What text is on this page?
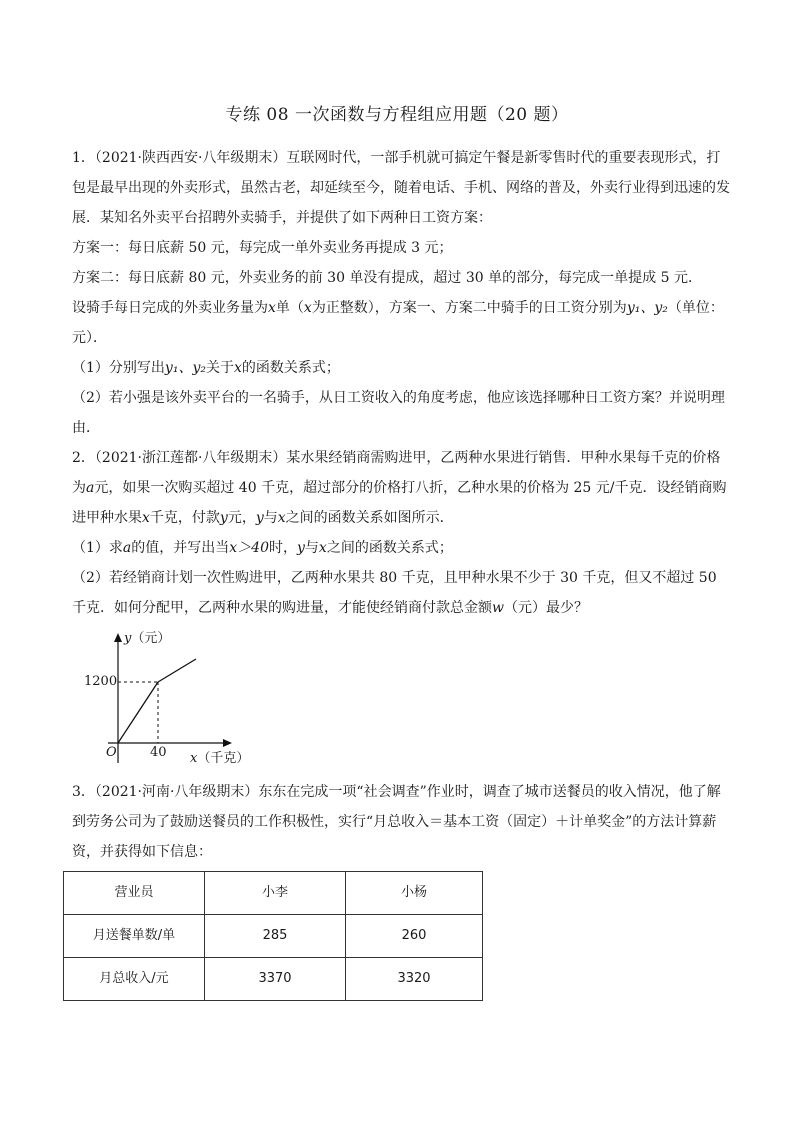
专练 08 一次函数与方程组应用题（20 题）

1．（2021·陕西西安·八年级期末）互联网时代，一部手机就可搞定午餐是新零售时代的重要表现形式，打包是最早出现的外卖形式，虽然古老，却延续至今，随着电话、手机、网络的普及，外卖行业得到迅速的发展．某知名外卖平台招聘外卖骑手，并提供了如下两种日工资方案：

方案一：每日底薪 50 元，每完成一单外卖业务再提成 3 元；

方案二：每日底薪 80 元，外卖业务的前 30 单没有提成，超过 30 单的部分，每完成一单提成 5 元．

设骑手每日完成的外卖业务量为x单（x为正整数），方案一、方案二中骑手的日工资分别为y₁、y₂（单位：元）．

（1）分别写出y₁、y₂关于x的函数关系式；

（2）若小强是该外卖平台的一名骑手，从日工资收入的角度考虑，他应该选择哪种日工资方案？并说明理由．

2．（2021·浙江莲都·八年级期末）某水果经销商需购进甲，乙两种水果进行销售．甲种水果每千克的价格为a元，如果一次购买超过 40 千克，超过部分的价格打八折，乙种水果的价格为 25 元/千克．设经销商购进甲种水果x千克，付款y元，y与x之间的函数关系如图所示．

（1）求a的值，并写出当x＞40时，y与x之间的函数关系式；

（2）若经销商计划一次性购进甲，乙两种水果共 80 千克，且甲种水果不少于 30 千克，但又不超过 50 千克．如何分配甲，乙两种水果的购进量，才能使经销商付款总金额w（元）最少？

y（元）
1200
O	40 x（千克）

3．（2021·河南·八年级期末）东东在完成一项“社会调查”作业时，调查了城市送餐员的收入情况，他了解到劳务公司为了鼓励送餐员的工作积极性，实行“月总收入＝基本工资（固定）＋计单奖金”的方法计算薪资，并获得如下信息：

营业员	小李	小杨
月送餐单数/单	285	260
月总收入/元	3370	3320
